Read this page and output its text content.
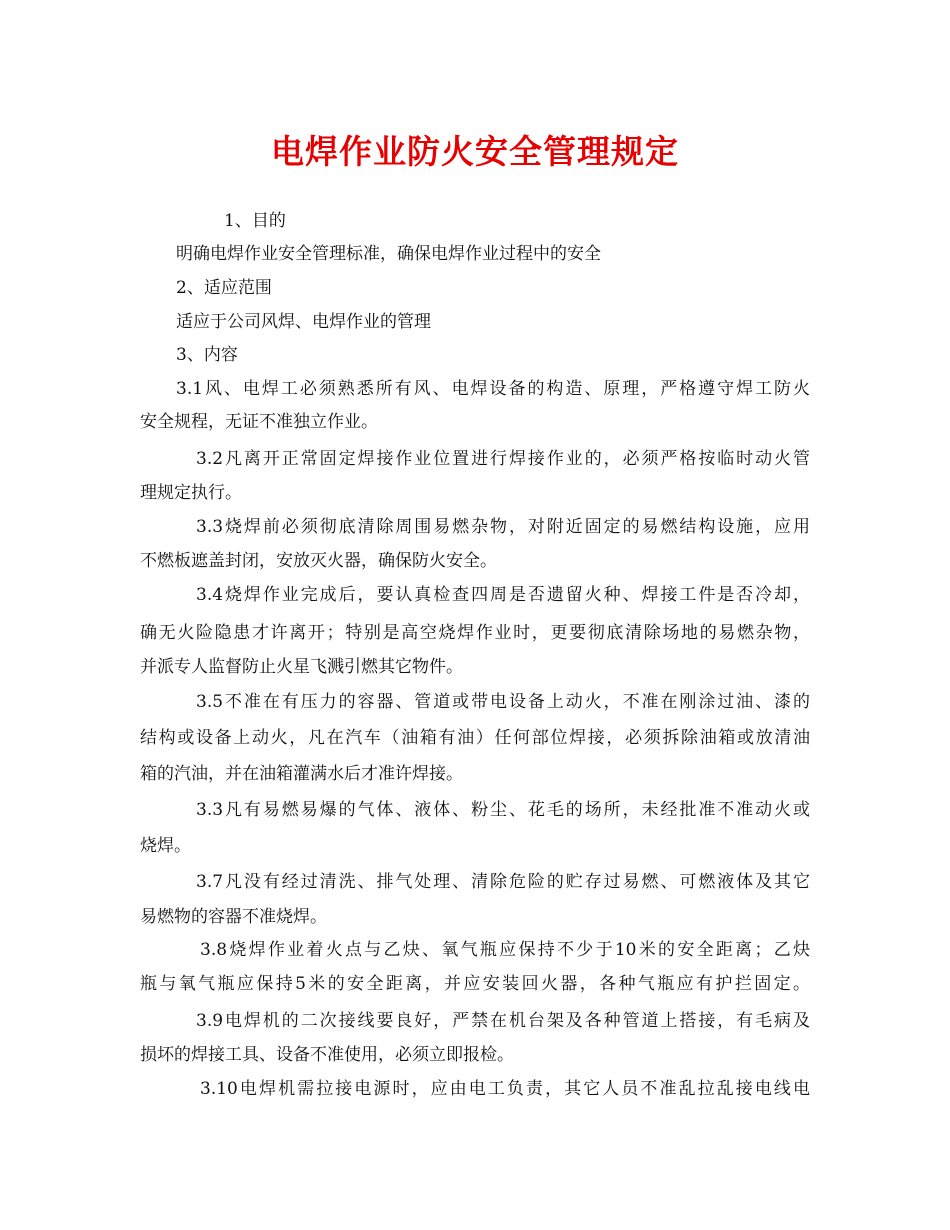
电焊作业防火安全管理规定

1、目的

明确电焊作业安全管理标准，确保电焊作业过程中的安全

2、适应范围

适应于公司风焊、电焊作业的管理

3、内容

3.1风、电焊工必须熟悉所有风、电焊设备的构造、原理，严格遵守焊工防火

安全规程，无证不准独立作业。

3.2凡离开正常固定焊接作业位置进行焊接作业的，必须严格按临时动火管

理规定执行。

3.3烧焊前必须彻底清除周围易燃杂物，对附近固定的易燃结构设施，应用

不燃板遮盖封闭，安放灭火器，确保防火安全。

3.4烧焊作业完成后，要认真检查四周是否遗留火种、焊接工件是否冷却，

确无火险隐患才许离开；特别是高空烧焊作业时，更要彻底清除场地的易燃杂物，

并派专人监督防止火星飞溅引燃其它物件。

3.5不准在有压力的容器、管道或带电设备上动火，不准在刚涂过油、漆的

结构或设备上动火，凡在汽车（油箱有油）任何部位焊接，必须拆除油箱或放清油

箱的汽油，并在油箱灌满水后才准许焊接。

3.3凡有易燃易爆的气体、液体、粉尘、花毛的场所，未经批准不准动火或

烧焊。

3.7凡没有经过清洗、排气处理、清除危险的贮存过易燃、可燃液体及其它

易燃物的容器不准烧焊。

3.8烧焊作业着火点与乙炔、氧气瓶应保持不少于10米的安全距离；乙炔

瓶与氧气瓶应保持5米的安全距离，并应安装回火器，各种气瓶应有护拦固定。

3.9电焊机的二次接线要良好，严禁在机台架及各种管道上搭接，有毛病及

损坏的焊接工具、设备不准使用，必须立即报检。

3.10电焊机需拉接电源时，应由电工负责，其它人员不准乱拉乱接电线电
